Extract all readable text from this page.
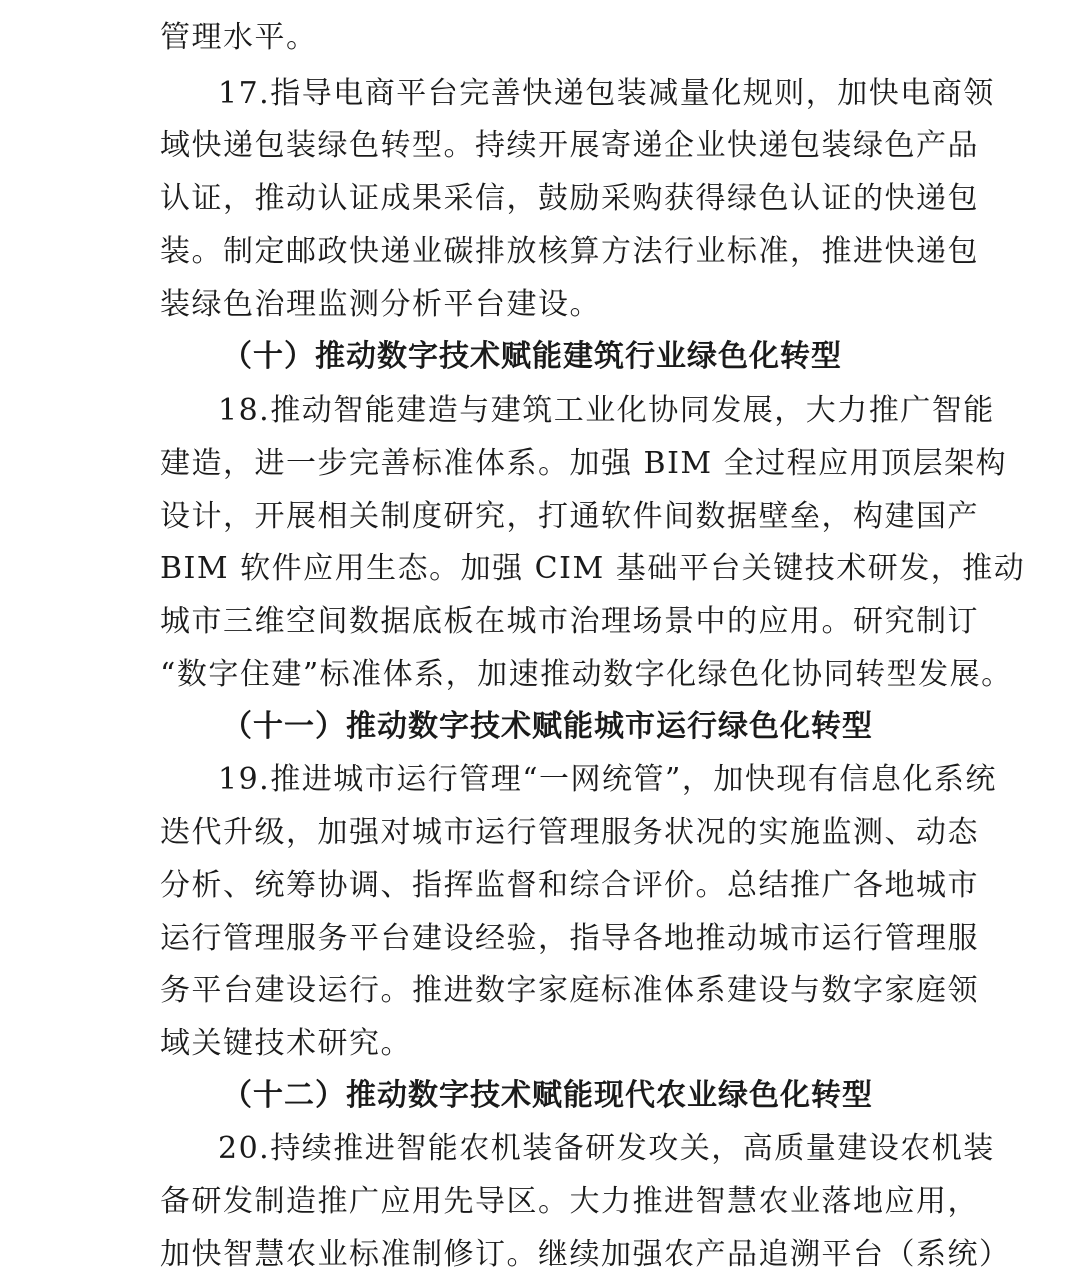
管理水平。
17.指导电商平台完善快递包装减量化规则，加快电商领
域快递包装绿色转型。持续开展寄递企业快递包装绿色产品
认证，推动认证成果采信，鼓励采购获得绿色认证的快递包
装。制定邮政快递业碳排放核算方法行业标准，推进快递包
装绿色治理监测分析平台建设。
（十）推动数字技术赋能建筑行业绿色化转型
18.推动智能建造与建筑工业化协同发展，大力推广智能
建造，进一步完善标准体系。加强 BIM 全过程应用顶层架构
设计，开展相关制度研究，打通软件间数据壁垒，构建国产
BIM 软件应用生态。加强 CIM 基础平台关键技术研发，推动
城市三维空间数据底板在城市治理场景中的应用。研究制订
“数字住建”标准体系，加速推动数字化绿色化协同转型发展。
（十一）推动数字技术赋能城市运行绿色化转型
19.推进城市运行管理“一网统管”，加快现有信息化系统
迭代升级，加强对城市运行管理服务状况的实施监测、动态
分析、统筹协调、指挥监督和综合评价。总结推广各地城市
运行管理服务平台建设经验，指导各地推动城市运行管理服
务平台建设运行。推进数字家庭标准体系建设与数字家庭领
域关键技术研究。
（十二）推动数字技术赋能现代农业绿色化转型
20.持续推进智能农机装备研发攻关，高质量建设农机装
备研发制造推广应用先导区。大力推进智慧农业落地应用，
加快智慧农业标准制修订。继续加强农产品追溯平台（系统）
